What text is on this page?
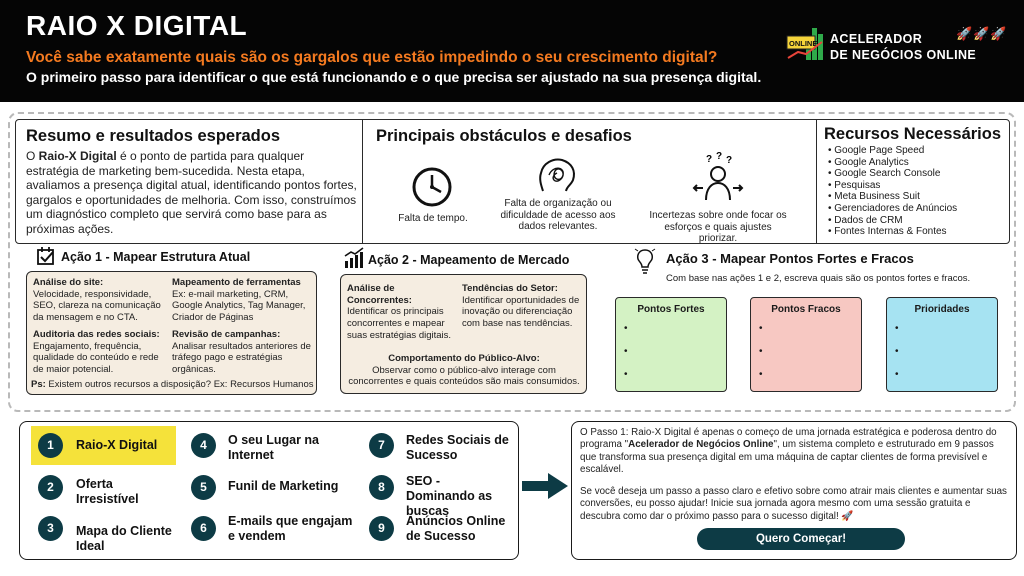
RAIO X DIGITAL
Você sabe exatamente quais são os gargalos que estão impedindo o seu crescimento digital?
O primeiro passo para identificar o que está funcionando e o que precisa ser ajustado na sua presença digital.
ONLINE ACELERADOR
DE NEGÓCIOS ONLINE
🚀🚀🚀
Resumo e resultados esperados
O Raio-X Digital é o ponto de partida para qualquer estratégia de marketing bem-sucedida. Nesta etapa, avaliamos a presença digital atual, identificando pontos fortes, gargalos e oportunidades de melhoria. Com isso, construímos um diagnóstico completo que servirá como base para as próximas ações.
Principais obstáculos e desafios
Falta de tempo.
Falta de organização ou dificuldade de acesso aos dados relevantes.
? ? ?
Incertezas sobre onde focar os esforços e quais ajustes priorizar.
Recursos Necessários
• Google Page Speed
• Google Analytics
• Google Search Console
• Pesquisas
• Meta Business Suit
• Gerenciadores de Anúncios
• Dados de CRM
• Fontes Internas & Fontes
Ação 1 - Mapear Estrutura Atual
Análise do site:
Velocidade, responsividade, SEO, clareza na comunicação da mensagem e no CTA.
Auditoria das redes sociais:
Engajamento, frequência, qualidade do conteúdo e rede de maior potencial.
Mapeamento de ferramentas
Ex: e-mail marketing, CRM, Google Analytics, Tag Manager, Criador de Páginas
Revisão de campanhas:
Analisar resultados anteriores de tráfego pago e estratégias orgânicas.
Ps: Existem outros recursos a disposição? Ex: Recursos Humanos
Ação 2 - Mapeamento de Mercado
Análise de Concorrentes:
Identificar os principais concorrentes e mapear suas estratégias digitais.
Tendências do Setor:
Identificar oportunidades de inovação ou diferenciação com base nas tendências.
Comportamento do Público-Alvo:
Observar como o público-alvo interage com concorrentes e quais conteúdos são mais consumidos.
Ação 3 - Mapear Pontos Fortes e Fracos
Com base nas ações 1 e 2, escreva quais são os pontos fortes e fracos.
Pontos Fortes
•
•
•
Pontos Fracos
•
•
•
Prioridades
•
•
•
1	Raio-X Digital
2	Oferta Irresistível
3	Mapa do Cliente Ideal
4	O seu Lugar na Internet
5	Funil de Marketing
6	E-mails que engajam e vendem
7	Redes Sociais de Sucesso
8	SEO - Dominando as buscas
9	Anúncios Online de Sucesso
O Passo 1: Raio-X Digital é apenas o começo de uma jornada estratégica e poderosa dentro do programa "Acelerador de Negócios Online", um sistema completo e estruturado em 9 passos que transforma sua presença digital em uma máquina de captar clientes de forma previsível e escalável.
Se você deseja um passo a passo claro e efetivo sobre como atrair mais clientes e aumentar suas conversões, eu posso ajudar! Inicie sua jornada agora mesmo com uma sessão gratuita e descubra como dar o próximo passo para o sucesso digital! 🚀
Quero Começar!
